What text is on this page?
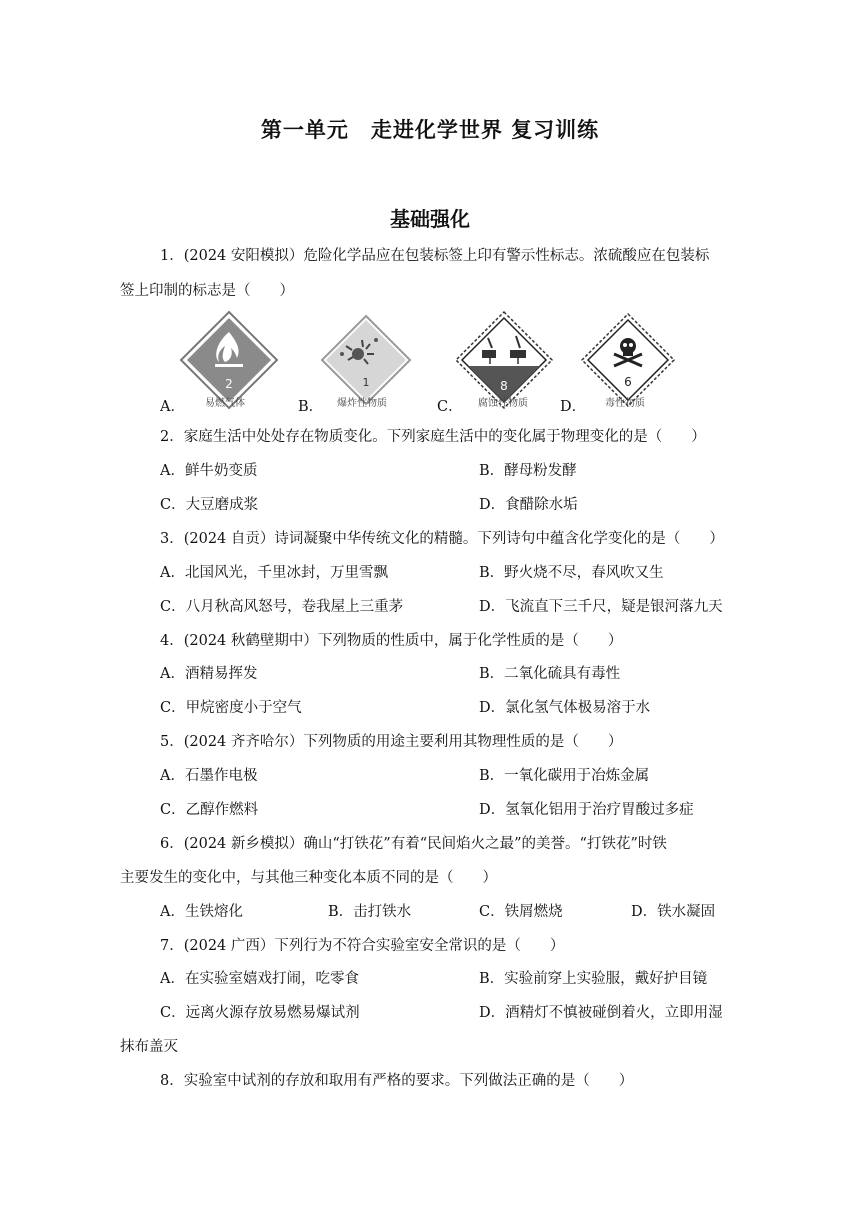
第一单元　走进化学世界 复习训练
基础强化
1．(2024 安阳模拟）危险化学品应在包装标签上印有警示性标志。浓硫酸应在包装标
签上印制的标志是（　　）
A．
2
易燃气体	B．
1
爆炸性物质	C．
8
腐蚀性物质 D．
6
毒性物质
2．家庭生活中处处存在物质变化。下列家庭生活中的变化属于物理变化的是（　　）
A．鲜牛奶变质	B．酵母粉发酵
C．大豆磨成浆	D．食醋除水垢
3．(2024 自贡）诗词凝聚中华传统文化的精髓。下列诗句中蕴含化学变化的是（　　）
A．北国风光，千里冰封，万里雪飘	B．野火烧不尽，春风吹又生
C．八月秋高风怒号，卷我屋上三重茅	D．飞流直下三千尺，疑是银河落九天
4．(2024 秋鹤壁期中）下列物质的性质中，属于化学性质的是（　　）
A．酒精易挥发	B．二氧化硫具有毒性
C．甲烷密度小于空气	D．氯化氢气体极易溶于水
5．(2024 齐齐哈尔）下列物质的用途主要利用其物理性质的是（　　）
A．石墨作电极	B．一氧化碳用于冶炼金属
C．乙醇作燃料	D．氢氧化铝用于治疗胃酸过多症
6．(2024 新乡模拟）确山“打铁花”有着“民间焰火之最”的美誉。“打铁花”时铁
主要发生的变化中，与其他三种变化本质不同的是（　　）
A．生铁熔化	B．击打铁水	C．铁屑燃烧	D．铁水凝固
7．(2024 广西）下列行为不符合实验室安全常识的是（　　）
A．在实验室嬉戏打闹，吃零食	B．实验前穿上实验服，戴好护目镜
C．远离火源存放易燃易爆试剂	D．酒精灯不慎被碰倒着火，立即用湿
抹布盖灭
8．实验室中试剂的存放和取用有严格的要求。下列做法正确的是（　　）
